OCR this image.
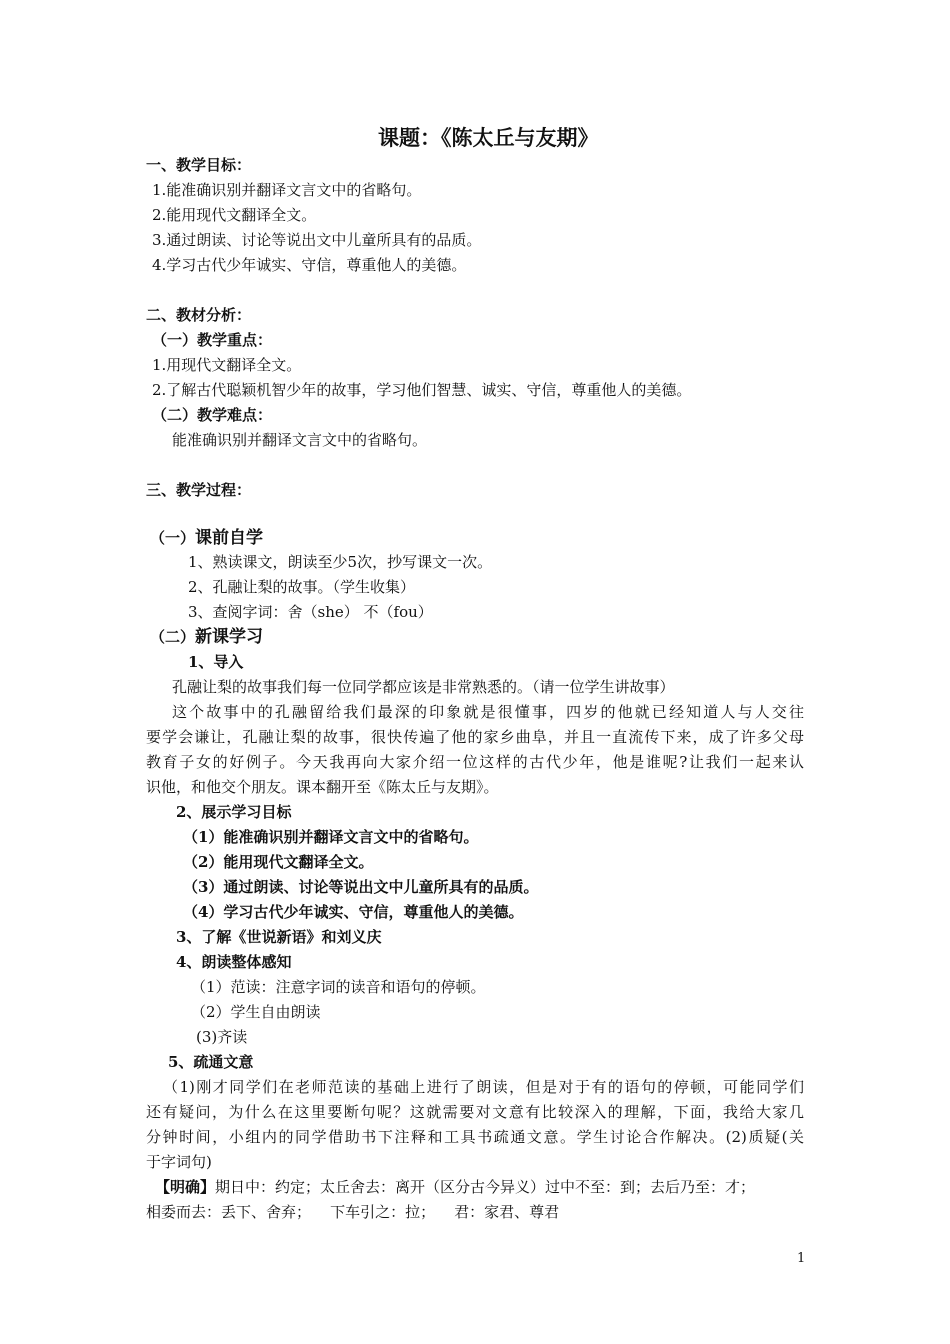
课题：《陈太丘与友期》
一、教学目标：
1.能准确识别并翻译文言文中的省略句。
2.能用现代文翻译全文。
3.通过朗读、讨论等说出文中儿童所具有的品质。
4.学习古代少年诚实、守信，尊重他人的美德。
二、教材分析：
（一）教学重点：
1.用现代文翻译全文。
2.了解古代聪颖机智少年的故事，学习他们智慧、诚实、守信，尊重他人的美德。
（二）教学难点：
能准确识别并翻译文言文中的省略句。
三、教学过程：
（一）课前自学
1、熟读课文，朗读至少5次，抄写课文一次。
2、孔融让梨的故事。（学生收集）
3、查阅字词：舍（she） 不（fou）
（二）新课学习
1、导入
孔融让梨的故事我们每一位同学都应该是非常熟悉的。（请一位学生讲故事）
这个故事中的孔融留给我们最深的印象就是很懂事，四岁的他就已经知道人与人交往
要学会谦让，孔融让梨的故事，很快传遍了他的家乡曲阜，并且一直流传下来，成了许多父母
教育子女的好例子。今天我再向大家介绍一位这样的古代少年，他是谁呢?让我们一起来认
识他，和他交个朋友。课本翻开至《陈太丘与友期》。
2、展示学习目标
（1）能准确识别并翻译文言文中的省略句。
（2）能用现代文翻译全文。
（3）通过朗读、讨论等说出文中儿童所具有的品质。
（4）学习古代少年诚实、守信，尊重他人的美德。
3、了解《世说新语》和刘义庆
4、朗读整体感知
（1）范读：注意字词的读音和语句的停顿。
（2）学生自由朗读
(3)齐读
5、疏通文意
（1)刚才同学们在老师范读的基础上进行了朗读，但是对于有的语句的停顿，可能同学们
还有疑问，为什么在这里要断句呢？这就需要对文意有比较深入的理解，下面，我给大家几
分钟时间，小组内的同学借助书下注释和工具书疏通文意。学生讨论合作解决。(2)质疑(关
于字词句)
【明确】期日中：约定；太丘舍去：离开（区分古今异义）过中不至：到；去后乃至：才；
相委而去：丢下、舍弃；    下车引之：拉；    君：家君、尊君
1
